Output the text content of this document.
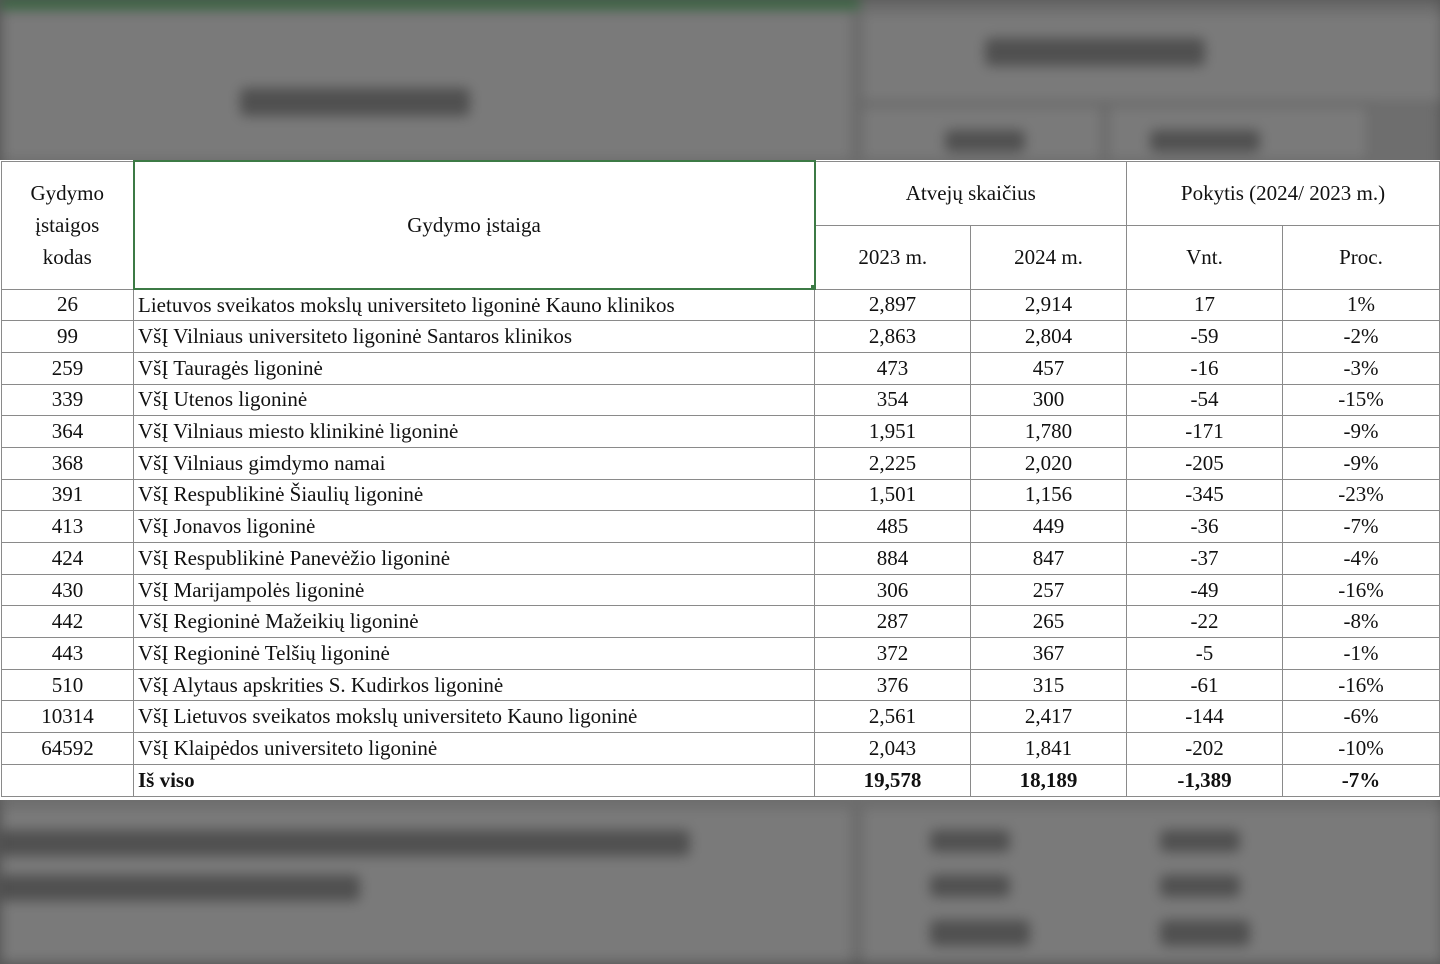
Gydymo
įstaigos
kodas	Gydymo įstaiga	Atvejų skaičius		Pokytis (2024/ 2023 m.)	
		2023 m.	2024 m.	Vnt.	Proc.
26	Lietuvos sveikatos mokslų universiteto ligoninė Kauno klinikos	2,897	2,914	17	1%
99	VšĮ Vilniaus universiteto ligoninė Santaros klinikos	2,863	2,804	-59	-2%
259	VšĮ Tauragės ligoninė	473	457	-16	-3%
339	VšĮ Utenos ligoninė	354	300	-54	-15%
364	VšĮ Vilniaus miesto klinikinė ligoninė	1,951	1,780	-171	-9%
368	VšĮ Vilniaus gimdymo namai	2,225	2,020	-205	-9%
391	VšĮ Respublikinė Šiaulių ligoninė	1,501	1,156	-345	-23%
413	VšĮ Jonavos ligoninė	485	449	-36	-7%
424	VšĮ Respublikinė Panevėžio ligoninė	884	847	-37	-4%
430	VšĮ Marijampolės ligoninė	306	257	-49	-16%
442	VšĮ Regioninė Mažeikių ligoninė	287	265	-22	-8%
443	VšĮ Regioninė Telšių ligoninė	372	367	-5	-1%
510	VšĮ Alytaus apskrities S. Kudirkos ligoninė	376	315	-61	-16%
10314	VšĮ Lietuvos sveikatos mokslų universiteto Kauno ligoninė	2,561	2,417	-144	-6%
64592	VšĮ Klaipėdos universiteto ligoninė	2,043	1,841	-202	-10%
	Iš viso	19,578	18,189	-1,389	-7%
